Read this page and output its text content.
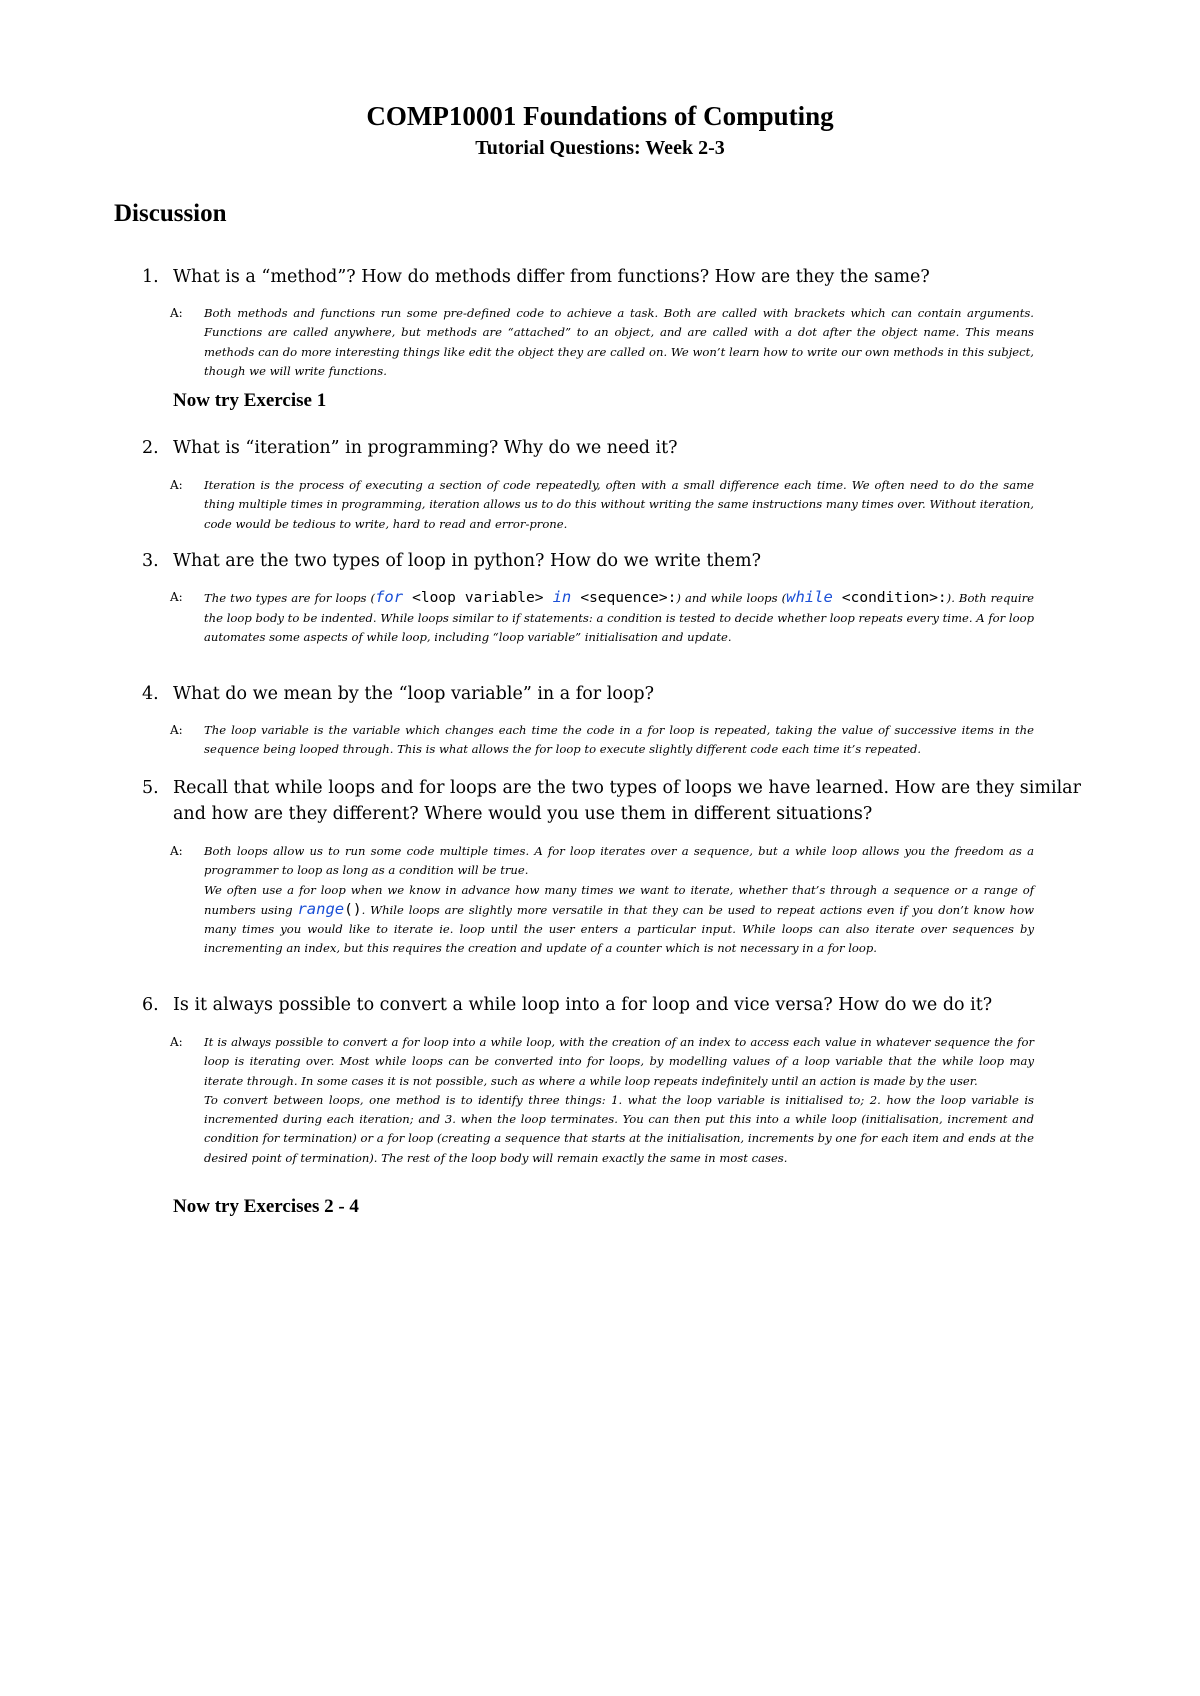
COMP10001 Foundations of Computing
Tutorial Questions: Week 2-3
Discussion
1. What is a “method”? How do methods differ from functions? How are they the same?
A: Both methods and functions run some pre-defined code to achieve a task. Both are called with brackets which can contain arguments. Functions are called anywhere, but methods are “attached” to an object, and are called with a dot after the object name. This means methods can do more interesting things like edit the object they are called on. We won’t learn how to write our own methods in this subject, though we will write functions.
Now try Exercise 1
2. What is “iteration” in programming? Why do we need it?
A: Iteration is the process of executing a section of code repeatedly, often with a small difference each time. We often need to do the same thing multiple times in programming, iteration allows us to do this without writing the same instructions many times over. Without iteration, code would be tedious to write, hard to read and error-prone.
3. What are the two types of loop in python? How do we write them?
A: The two types are for loops (for <loop variable> in <sequence>:) and while loops (while <condition>:). Both require the loop body to be indented. While loops similar to if statements: a condition is tested to decide whether loop repeats every time. A for loop automates some aspects of while loop, including “loop variable” initialisation and update.
4. What do we mean by the “loop variable” in a for loop?
A: The loop variable is the variable which changes each time the code in a for loop is repeated, taking the value of successive items in the sequence being looped through. This is what allows the for loop to execute slightly different code each time it’s repeated.
5. Recall that while loops and for loops are the two types of loops we have learned. How are they similar and how are they different? Where would you use them in different situations?
A: Both loops allow us to run some code multiple times. A for loop iterates over a sequence, but a while loop allows you the freedom as a programmer to loop as long as a condition will be true.

We often use a for loop when we know in advance how many times we want to iterate, whether that’s through a sequence or a range of numbers using range(). While loops are slightly more versatile in that they can be used to repeat actions even if you don’t know how many times you would like to iterate ie. loop until the user enters a particular input. While loops can also iterate over sequences by incrementing an index, but this requires the creation and update of a counter which is not necessary in a for loop.

6. Is it always possible to convert a while loop into a for loop and vice versa? How do we do it?
A: It is always possible to convert a for loop into a while loop, with the creation of an index to access each value in whatever sequence the for loop is iterating over. Most while loops can be converted into for loops, by modelling values of a loop variable that the while loop may iterate through. In some cases it is not possible, such as where a while loop repeats indefinitely until an action is made by the user.

To convert between loops, one method is to identify three things: 1. what the loop variable is initialised to; 2. how the loop variable is incremented during each iteration; and 3. when the loop terminates. You can then put this into a while loop (initialisation, increment and condition for termination) or a for loop (creating a sequence that starts at the initialisation, increments by one for each item and ends at the desired point of termination). The rest of the loop body will remain exactly the same in most cases.

Now try Exercises 2 - 4
